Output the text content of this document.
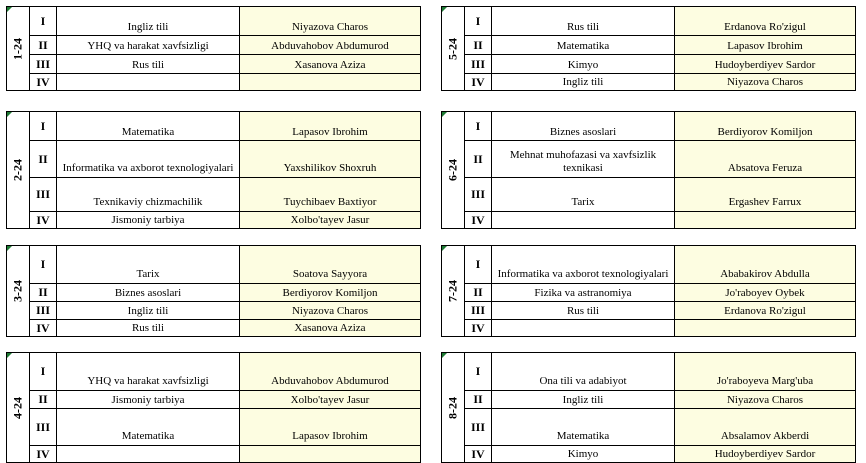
1-24	I	Ingliz tili	Niyazova Charos
	II	YHQ va harakat xavfsizligi	Abduvahobov Abdumurod
	III	Rus tili	Xasanova Aziza
	IV		
5-24	I	Rus tili	Erdanova Ro'zigul
	II	Matematika	Lapasov Ibrohim
	III	Kimyo	Hudoyberdiyev Sardor
	IV	Ingliz tili	Niyazova Charos
2-24	I	Matematika	Lapasov Ibrohim
	II	Informatika va axborot texnologiyalari	Yaxshilikov Shoxruh
	III	Texnikaviy chizmachilik	Tuychibaev Baxtiyor
	IV	Jismoniy tarbiya	Xolbo'tayev Jasur
6-24	I	Biznes asoslari	Berdiyorov Komiljon
	II	Mehnat muhofazasi va xavfsizlik texnikasi	Absatova Feruza
	III	Tarix	Ergashev Farrux
	IV		
3-24	I	Tarix	Soatova Sayyora
	II	Biznes asoslari	Berdiyorov Komiljon
	III	Ingliz tili	Niyazova Charos
	IV	Rus tili	Xasanova Aziza
7-24	I	Informatika va axborot texnologiyalari	Ababakirov Abdulla
	II	Fizika va astranomiya	Jo'raboyev Oybek
	III	Rus tili	Erdanova Ro'zigul
	IV		
4-24	I	YHQ va harakat xavfsizligi	Abduvahobov Abdumurod
	II	Jismoniy tarbiya	Xolbo'tayev Jasur
	III	Matematika	Lapasov Ibrohim
	IV		
8-24	I	Ona tili va adabiyot	Jo'raboyeva Marg'uba
	II	Ingliz tili	Niyazova Charos
	III	Matematika	Absalamov Akberdi
	IV	Kimyo	Hudoyberdiyev Sardor
